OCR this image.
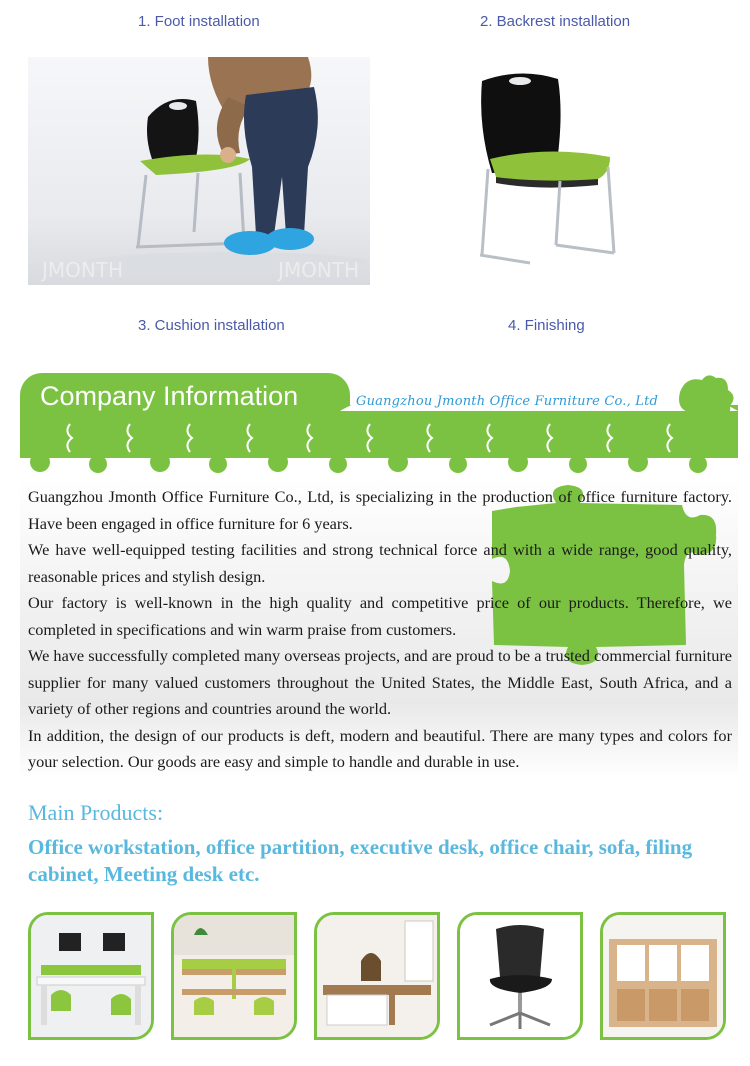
1. Foot installation	2. Backrest installation
JMONTH	JMONTH
3. Cushion installation	4. Finishing
Company Information	Guangzhou Jmonth Office Furniture Co., Ltd

Guangzhou Jmonth Office Furniture Co., Ltd, is specializing in the production of office furniture factory. Have been engaged in office furniture for 6 years.

We have well-equipped testing facilities and strong technical force and with a wide range, good quality, reasonable prices and stylish design.

Our factory is well-known in the high quality and competitive price of our products. Therefore, we completed in specifications and win warm praise from customers.

We have successfully completed many overseas projects, and are proud to be a trusted commercial furniture supplier for many valued customers throughout the United States, the Middle East, South Africa, and a variety of other regions and countries around the world.

In addition, the design of our products is deft, modern and beautiful. There are many types and colors for your selection. Our goods are easy and simple to handle and durable in use.

Main Products:
Office workstation, office partition, executive desk, office chair, sofa, filing cabinet, Meeting desk etc.
